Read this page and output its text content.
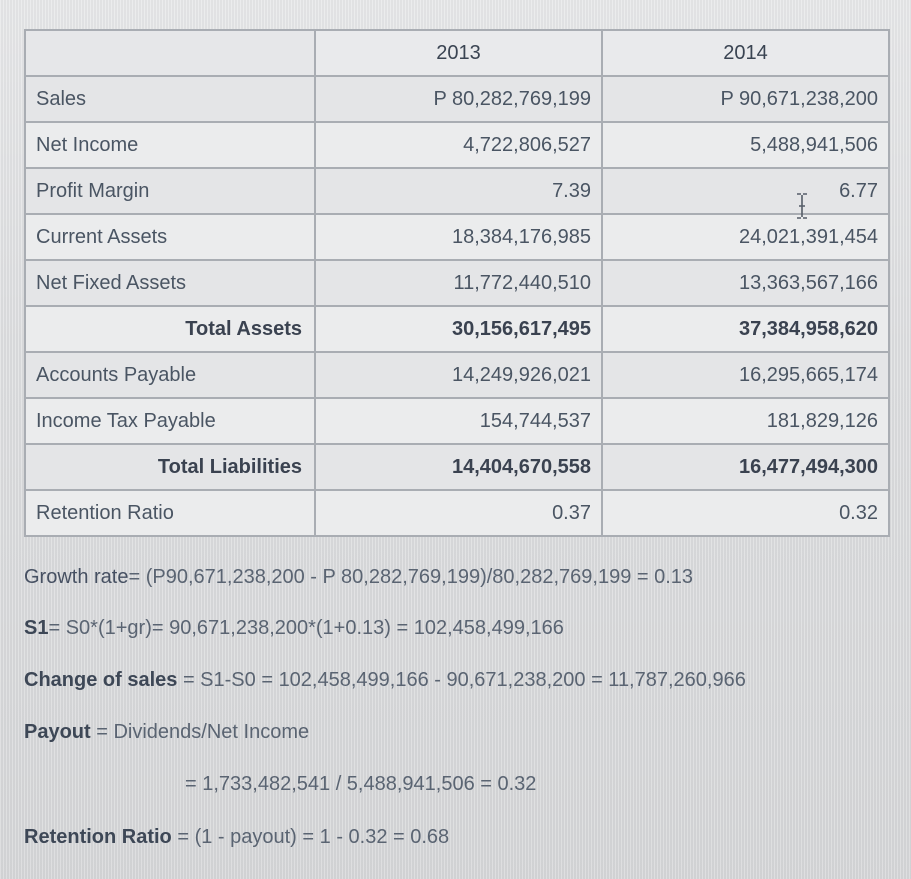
	2013	2014
Sales	P 80,282,769,199	P 90,671,238,200
Net Income	4,722,806,527	5,488,941,506
Profit Margin	7.39	6.77
Current Assets	18,384,176,985	24,021,391,454
Net Fixed Assets	11,772,440,510	13,363,567,166
Total Assets	30,156,617,495	37,384,958,620
Accounts Payable	14,249,926,021	16,295,665,174
Income Tax Payable	154,744,537	181,829,126
Total Liabilities	14,404,670,558	16,477,494,300
Retention Ratio	0.37	0.32
Growth rate= (P90,671,238,200 - P 80,282,769,199)/80,282,769,199 = 0.13
S1= S0*(1+gr)= 90,671,238,200*(1+0.13) = 102,458,499,166
Change of sales = S1-S0 = 102,458,499,166 - 90,671,238,200 = 11,787,260,966
Payout = Dividends/Net Income
= 1,733,482,541 / 5,488,941,506 = 0.32
Retention Ratio = (1 - payout) = 1 - 0.32 = 0.68
